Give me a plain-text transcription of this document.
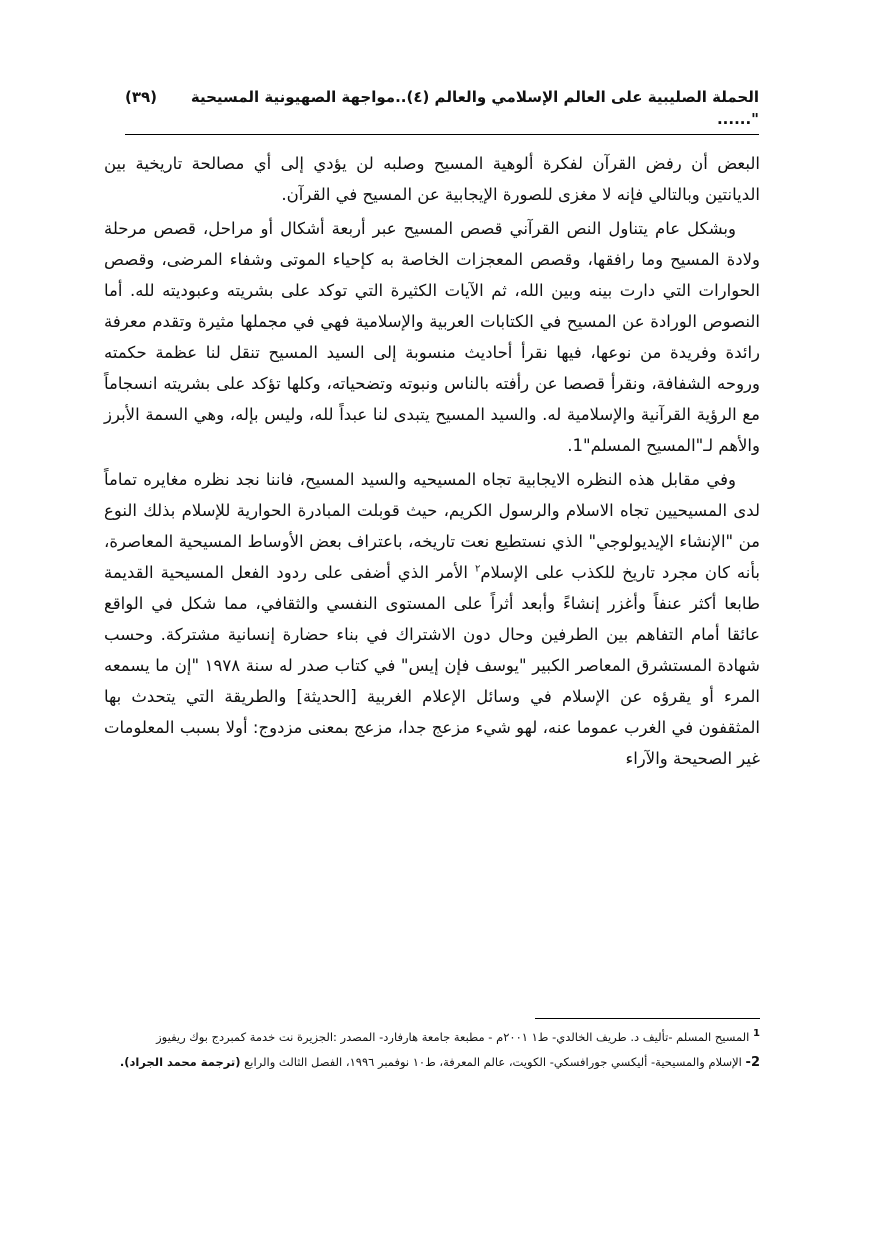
الحملة الصليبية على العالم الإسلامي والعالم (٤)..مواجهة الصهيونية المسيحية "......
(٣٩)

البعض أن رفض القرآن لفكرة ألوهية المسيح وصلبه لن يؤدي إلى أي مصالحة تاريخية بين الديانتين وبالتالي فإنه لا مغزى للصورة الإيجابية عن المسيح في القرآن.

وبشكل عام يتناول النص القرآني قصص المسيح عبر أربعة أشكال أو مراحل، قصص مرحلة ولادة المسيح وما رافقها، وقصص المعجزات الخاصة به كإحياء الموتى وشفاء المرضى، وقصص الحوارات التي دارت بينه وبين الله، ثم الآيات الكثيرة التي توكد على بشريته وعبوديته لله. أما النصوص الورادة عن المسيح في الكتابات العربية والإسلامية فهي في مجملها مثيرة وتقدم معرفة رائدة وفريدة من نوعها، فيها نقرأ أحاديث منسوبة إلى السيد المسيح تنقل لنا عظمة حكمته وروحه الشفافة، ونقرأ قصصا عن رأفته بالناس ونبوته وتضحياته، وكلها تؤكد على بشريته انسجاماً مع الرؤية القرآنية والإسلامية له. والسيد المسيح يتبدى لنا عبداً لله، وليس بإله، وهي السمة الأبرز والأهم لـ"المسيح المسلم"1.

وفي مقابل هذه النظره الايجابية تجاه المسيحيه والسيد المسيح، فاننا نجد نظره مغايره تماماً لدى المسيحيين تجاه الاسلام والرسول الكريم، حيث قوبلت المبادرة الحوارية للإسلام بذلك النوع من "الإنشاء الإيديولوجي" الذي نستطيع نعت تاريخه، باعتراف بعض الأوساط المسيحية المعاصرة، بأنه كان مجرد تاريخ للكذب على الإسلام$^٢$ الأمر الذي أضفى على ردود الفعل المسيحية القديمة طابعا أكثر عنفاً وأغزر إنشاءً وأبعد أثراً على المستوى النفسي والثقافي، مما شكل في الواقع عائقا أمام التفاهم بين الطرفين وحال دون الاشتراك في بناء حضارة إنسانية مشتركة. وحسب شهادة المستشرق المعاصر الكبير "يوسف فإن إيس" في كتاب صدر له سنة ١٩٧٨ "إن ما يسمعه المرء أو يقرؤه عن الإسلام في وسائل الإعلام الغربية [الحديثة] والطريقة التي يتحدث بها المثقفون في الغرب عموما عنه، لهو شيء مزعج جدا، مزعج بمعنى مزدوج: أولا بسبب المعلومات غير الصحيحة والآراء

1 المسيح المسلم -تأليف د. طريف الخالدي- ط١ ٢٠٠١م - مطبعة جامعة هارفارد- المصدر :الجزيرة نت خدمة كمبردج بوك ريفيوز

2- الإسلام والمسيحية- أليكسي جورافسكي- الكويت، عالم المعرفة، ط١٠ نوفمبر ١٩٩٦، الفصل الثالث والرابع (ترجمة محمد الجراد).
